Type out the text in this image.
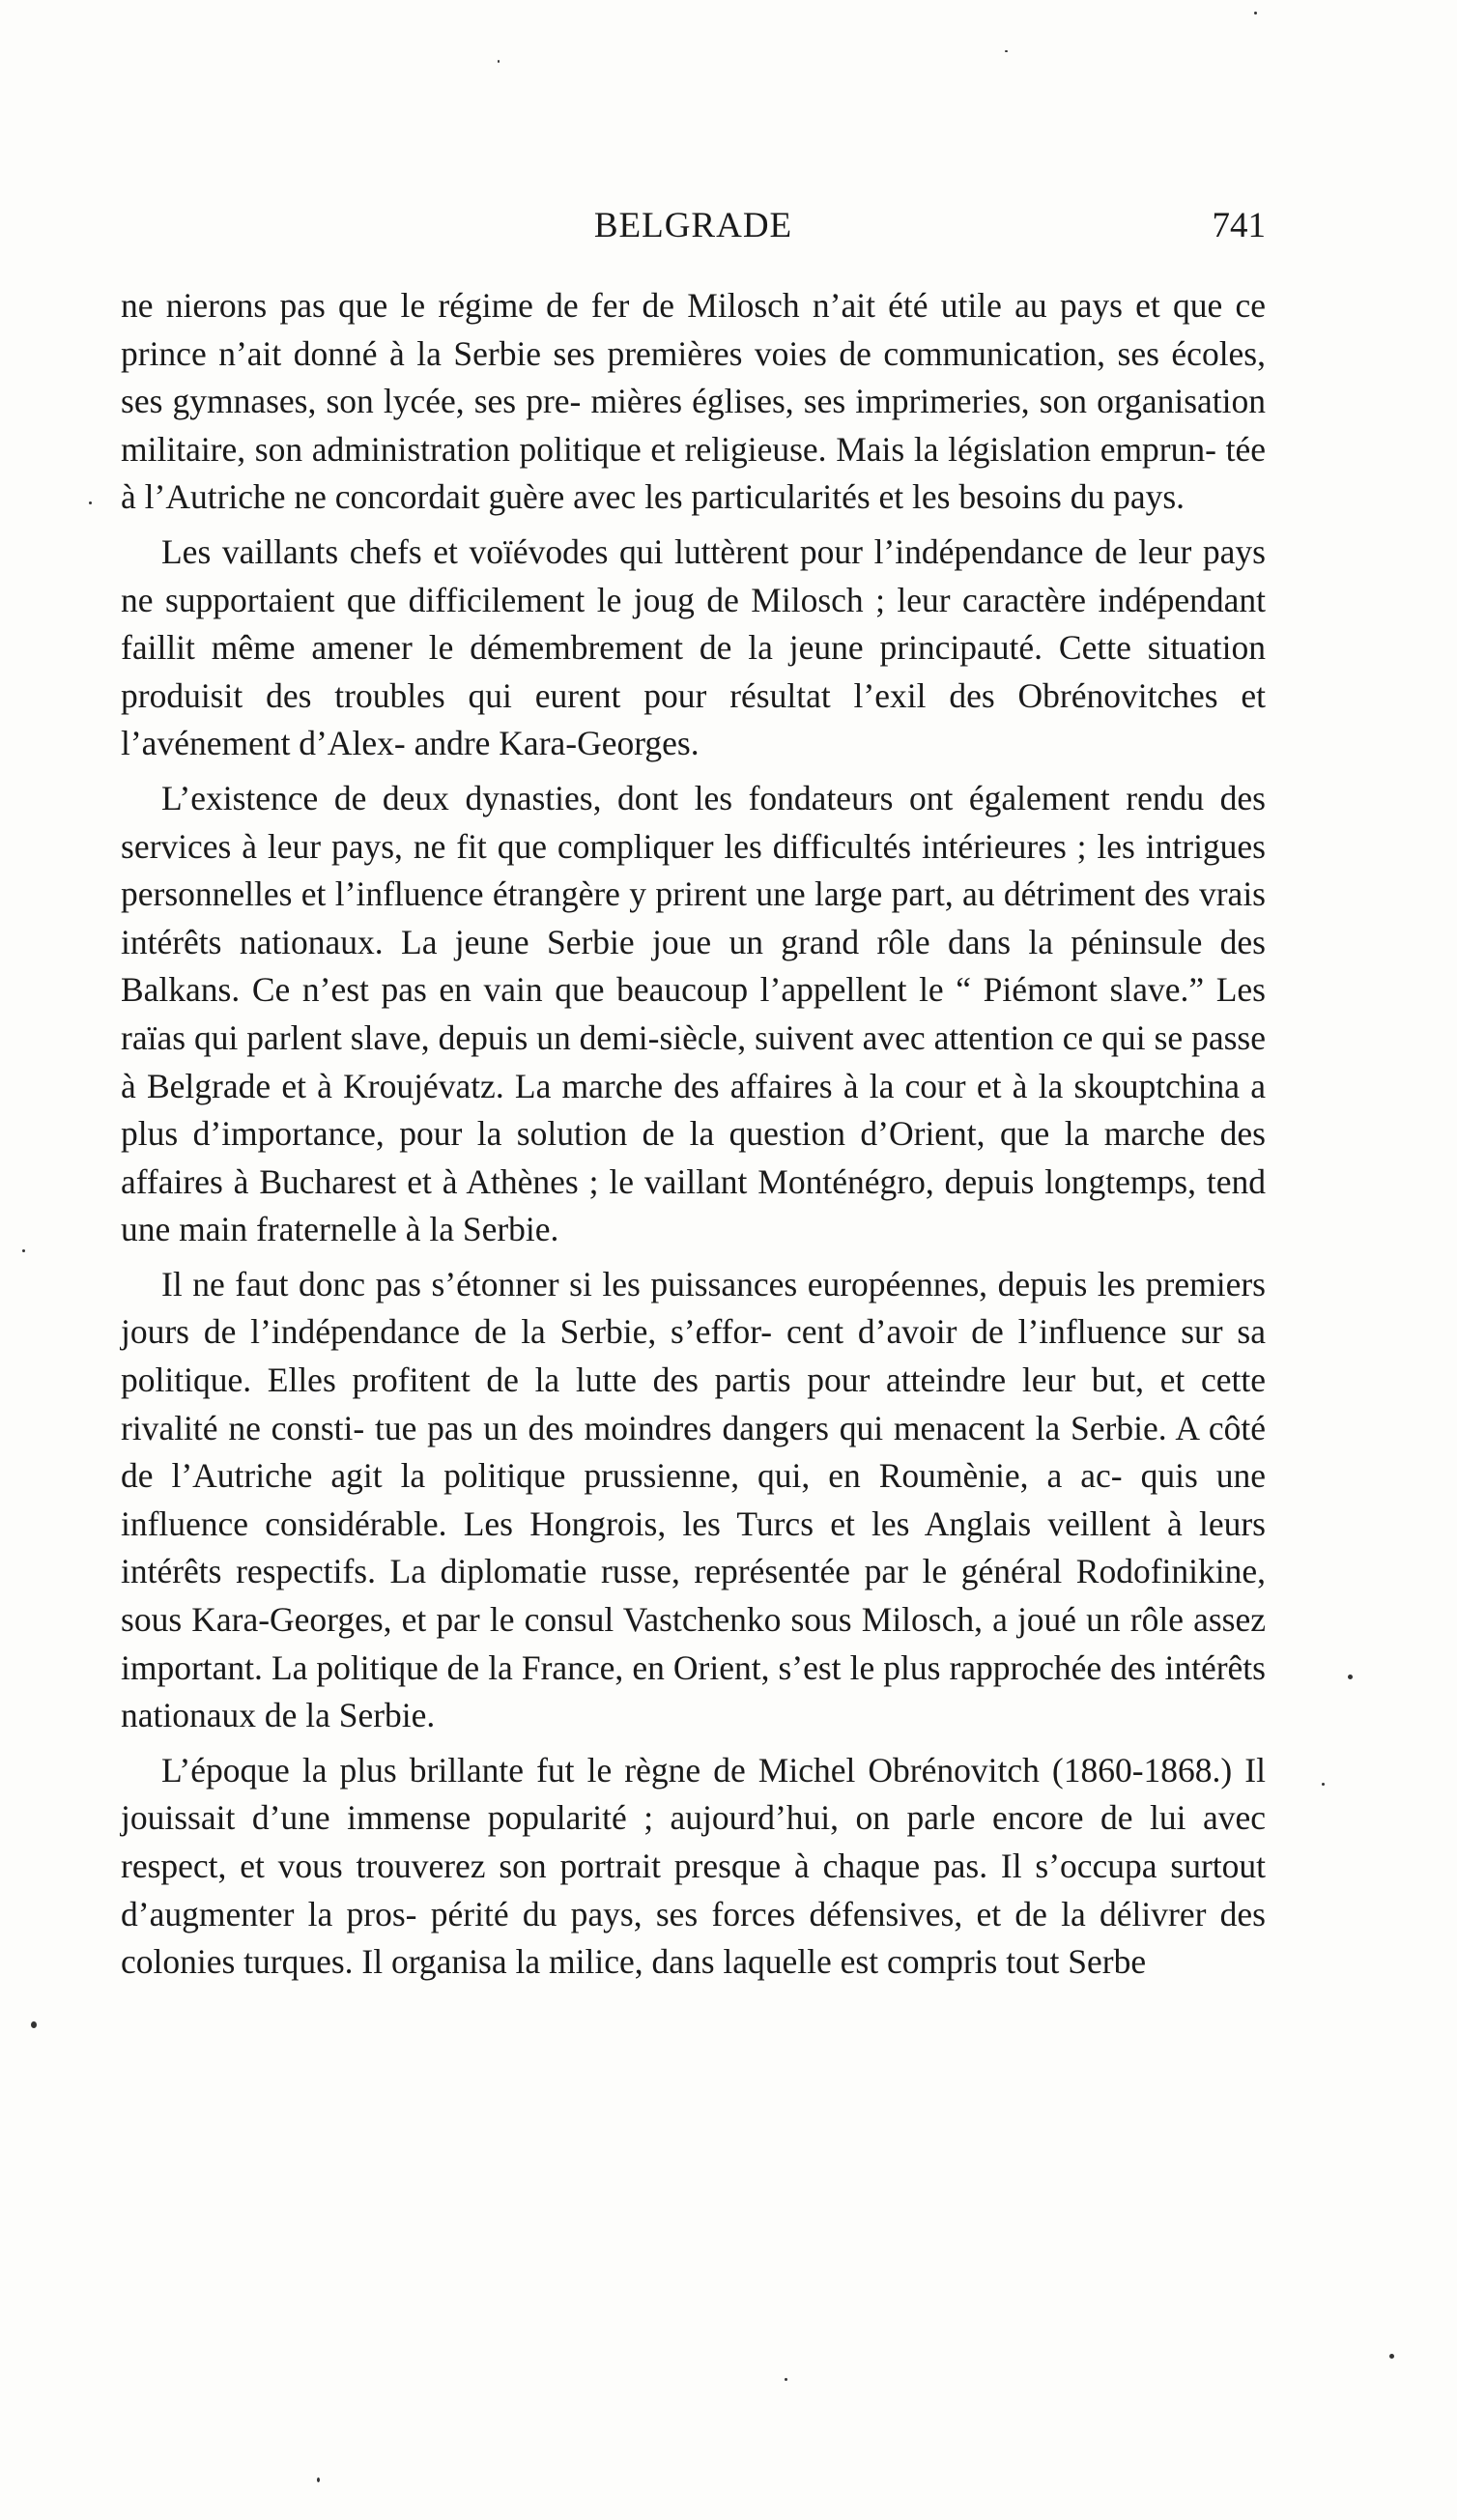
BELGRADE	741

ne nierons pas que le régime de fer de Milosch n’ait été utile au pays et que ce prince n’ait donné à la Serbie ses premières voies de communication, ses écoles, ses gymnases, son lycée, ses pre- mières églises, ses imprimeries, son organisation militaire, son administration politique et religieuse. Mais la législation emprun- tée à l’Autriche ne concordait guère avec les particularités et les besoins du pays.

Les vaillants chefs et voïévodes qui luttèrent pour l’indépendance de leur pays ne supportaient que difficilement le joug de Milosch ; leur caractère indépendant faillit même amener le démembrement de la jeune principauté. Cette situation produisit des troubles qui eurent pour résultat l’exil des Obrénovitches et l’avénement d’Alex- andre Kara-Georges.

L’existence de deux dynasties, dont les fondateurs ont également rendu des services à leur pays, ne fit que compliquer les difficultés intérieures ; les intrigues personnelles et l’influence étrangère y prirent une large part, au détriment des vrais intérêts nationaux. La jeune Serbie joue un grand rôle dans la péninsule des Balkans. Ce n’est pas en vain que beaucoup l’appellent le “ Piémont slave.” Les raïas qui parlent slave, depuis un demi-siècle, suivent avec attention ce qui se passe à Belgrade et à Kroujévatz. La marche des affaires à la cour et à la skouptchina a plus d’importance, pour la solution de la question d’Orient, que la marche des affaires à Bucharest et à Athènes ; le vaillant Monténégro, depuis longtemps, tend une main fraternelle à la Serbie.

Il ne faut donc pas s’étonner si les puissances européennes, depuis les premiers jours de l’indépendance de la Serbie, s’effor- cent d’avoir de l’influence sur sa politique. Elles profitent de la lutte des partis pour atteindre leur but, et cette rivalité ne consti- tue pas un des moindres dangers qui menacent la Serbie. A côté de l’Autriche agit la politique prussienne, qui, en Roumènie, a ac- quis une influence considérable. Les Hongrois, les Turcs et les Anglais veillent à leurs intérêts respectifs. La diplomatie russe, représentée par le général Rodofinikine, sous Kara-Georges, et par le consul Vastchenko sous Milosch, a joué un rôle assez important. La politique de la France, en Orient, s’est le plus rapprochée des intérêts nationaux de la Serbie.

L’époque la plus brillante fut le règne de Michel Obrénovitch (1860-1868.) Il jouissait d’une immense popularité ; aujourd’hui, on parle encore de lui avec respect, et vous trouverez son portrait presque à chaque pas. Il s’occupa surtout d’augmenter la pros- périté du pays, ses forces défensives, et de la délivrer des colonies turques. Il organisa la milice, dans laquelle est compris tout Serbe
